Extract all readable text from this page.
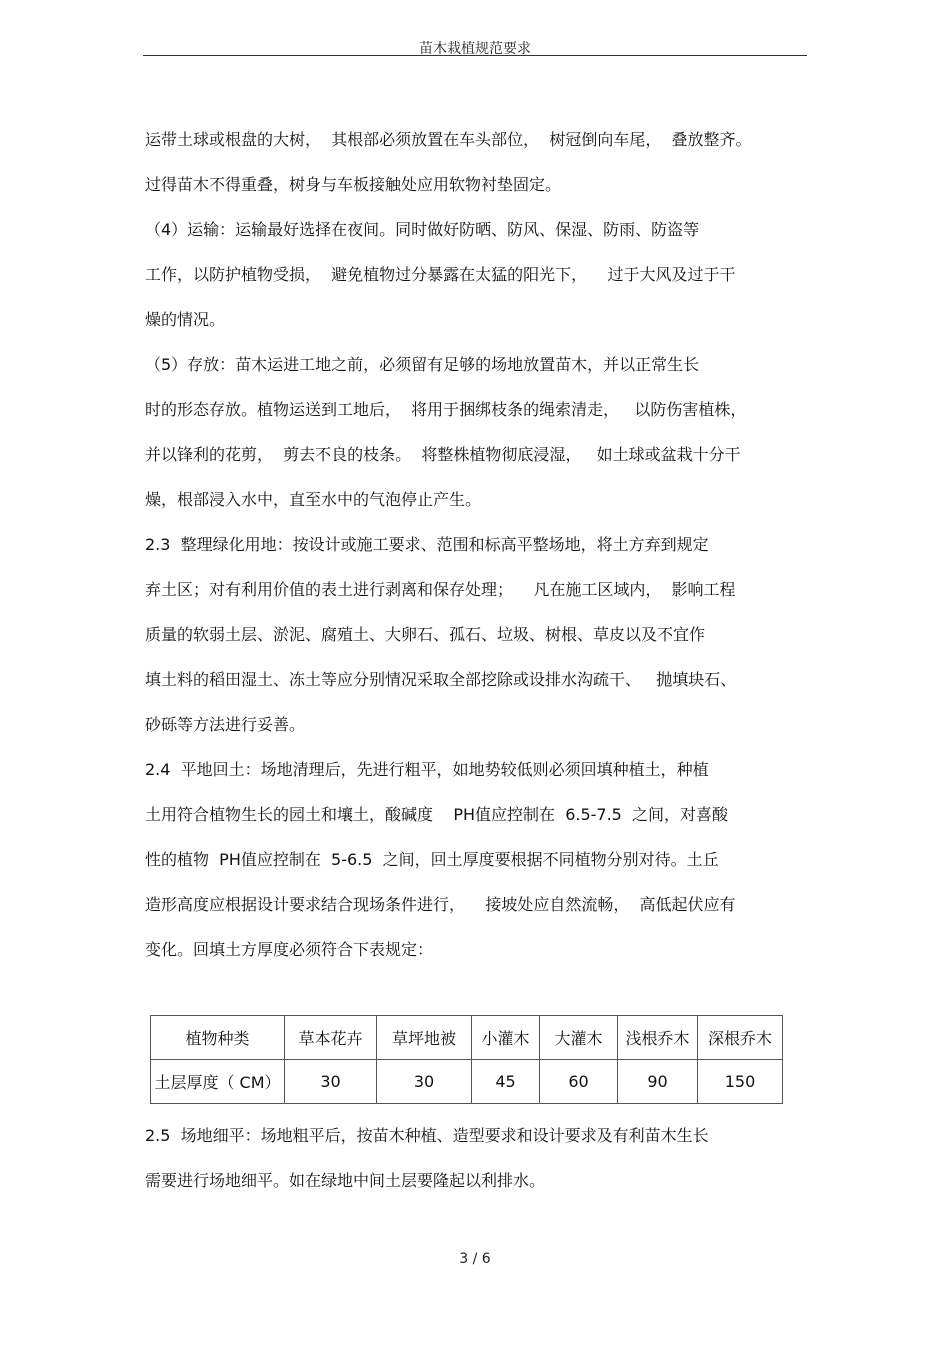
苗木栽植规范要求
运带土球或根盘的大树，  其根部必须放置在车头部位，  树冠倒向车尾，  叠放整齐。
过得苗木不得重叠，树身与车板接触处应用软物衬垫固定。
（4）运输：运输最好选择在夜间。同时做好防晒、防风、保湿、防雨、防盗等
工作，以防护植物受损，  避免植物过分暴露在太猛的阳光下，    过于大风及过于干
燥的情况。
（5）存放：苗木运进工地之前，必须留有足够的场地放置苗木，并以正常生长
时的形态存放。植物运送到工地后，  将用于捆绑枝条的绳索清走，   以防伤害植株，
并以锋利的花剪，  剪去不良的枝条。  将整株植物彻底浸湿，   如土球或盆栽十分干
燥，根部浸入水中，直至水中的气泡停止产生。
2.3  整理绿化用地：按设计或施工要求、范围和标高平整场地，将土方弃到规定
弃土区；对有利用价值的表土进行剥离和保存处理；    凡在施工区域内，  影响工程
质量的软弱土层、淤泥、腐殖土、大卵石、孤石、垃圾、树根、草皮以及不宜作
填土料的稻田湿土、冻土等应分别情况采取全部挖除或设排水沟疏干、   抛填块石、
砂砾等方法进行妥善。
2.4  平地回土：场地清理后，先进行粗平，如地势较低则必须回填种植土，种植
土用符合植物生长的园土和壤土，酸碱度    PH值应控制在  6.5-7.5  之间，对喜酸
性的植物  PH值应控制在  5-6.5  之间，回土厚度要根据不同植物分别对待。土丘
造形高度应根据设计要求结合现场条件进行，    接坡处应自然流畅，  高低起伏应有
变化。回填土方厚度必须符合下表规定：
植物种类	草本花卉	草坪地被	小灌木	大灌木	浅根乔木	深根乔木
土层厚度（ CM）	30	30	45	60	90	150
2.5  场地细平：场地粗平后，按苗木种植、造型要求和设计要求及有利苗木生长
需要进行场地细平。如在绿地中间土层要隆起以利排水。
3 / 6
